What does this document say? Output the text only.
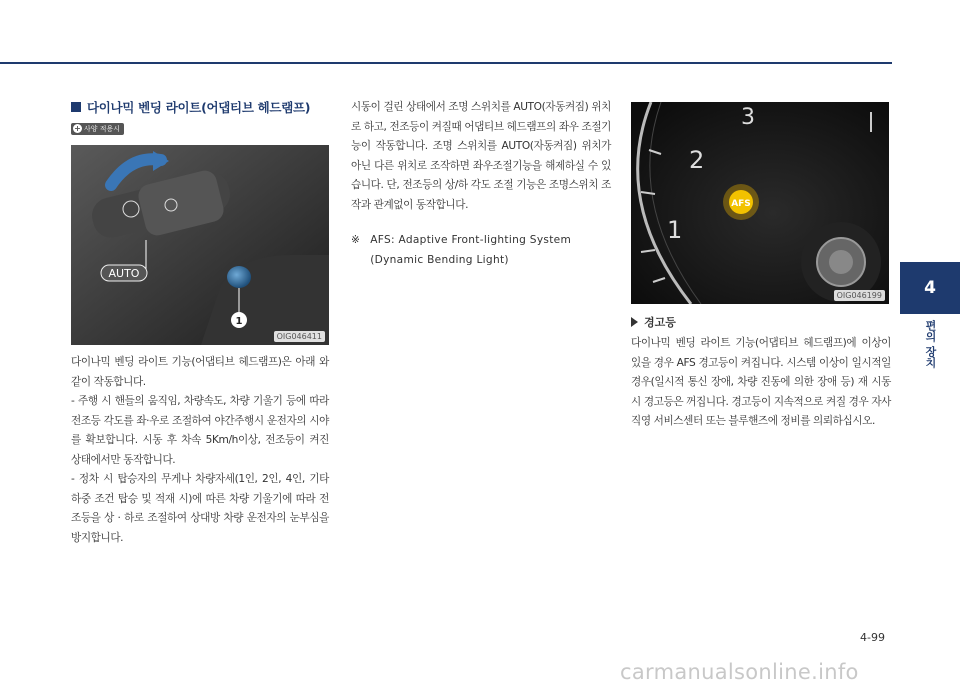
4
편의 장치
다이나믹 벤딩 라이트(어댑티브 헤드램프)
+ 사양 적용시
AUTO
1
OIG046411

다이나믹 벤딩 라이트 기능(어댑티브 헤드램프)은 아래 와 같이 작동합니다.

- 주행 시 핸들의 움직임, 차량속도, 차량 기울기 등에 따라 전조등 각도를 좌·우로 조절하여 야간주행시 운전자의 시야를 확보합니다. 시동 후 차속 5Km/h이상, 전조등이 켜진 상태에서만 동작합니다.

- 정차 시 탑승자의 무게나 차량자세(1인, 2인, 4인, 기타 하중 조건 탑승 및 적재 시)에 따른 차량 기울기에 따라 전조등을 상 · 하로 조절하여 상대방 차량 운전자의 눈부심을 방지합니다.

시동이 걸린 상태에서 조명 스위치를 AUTO(자동켜짐) 위치로 하고, 전조등이 켜질때 어댑티브 헤드램프의 좌우 조절기능이 작동합니다. 조명 스위치를 AUTO(자동켜짐) 위치가 아닌 다른 위치로 조작하면 좌우조절기능을 해제하실 수 있습니다. 단, 전조등의 상/하 각도 조절 기능은 조명스위치 조작과 관계없이 동작합니다.

※ AFS: Adaptive Front-lighting System (Dynamic Bending Light)
3
2
1
AFS
OIG046199
경고등

다이나믹 벤딩 라이트 기능(어댑티브 헤드램프)에 이상이 있을 경우 AFS 경고등이 켜집니다. 시스템 이상이 일시적일 경우(일시적 통신 장애, 차량 진동에 의한 장애 등) 재 시동시 경고등은 꺼집니다. 경고등이 지속적으로 켜질 경우 자사 직영 서비스센터 또는 블루핸즈에 정비를 의뢰하십시오.

4-99
carmanualsonline.info
